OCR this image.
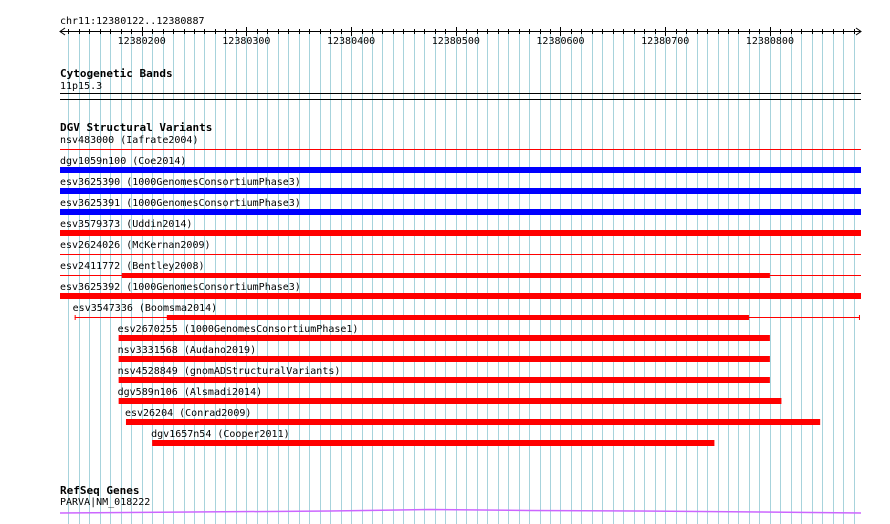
chr11:12380122..12380887
12380200	12380300	12380400	12380500	12380600	12380700	12380800
Cytogenetic Bands
11p15.3
DGV Structural Variants
nsv483000 (Iafrate2004)
dgv1059n100 (Coe2014)
esv3625390 (1000GenomesConsortiumPhase3)
esv3625391 (1000GenomesConsortiumPhase3)
esv3579373 (Uddin2014)
esv2624026 (McKernan2009)
esv2411772 (Bentley2008)
esv3625392 (1000GenomesConsortiumPhase3)
esv3547336 (Boomsma2014)
esv2670255 (1000GenomesConsortiumPhase1)
nsv3331568 (Audano2019)
nsv4528849 (gnomADStructuralVariants)
dgv589n106 (Alsmadi2014)
esv26204 (Conrad2009)
dgv1657n54 (Cooper2011)
RefSeq Genes
PARVA|NM_018222
